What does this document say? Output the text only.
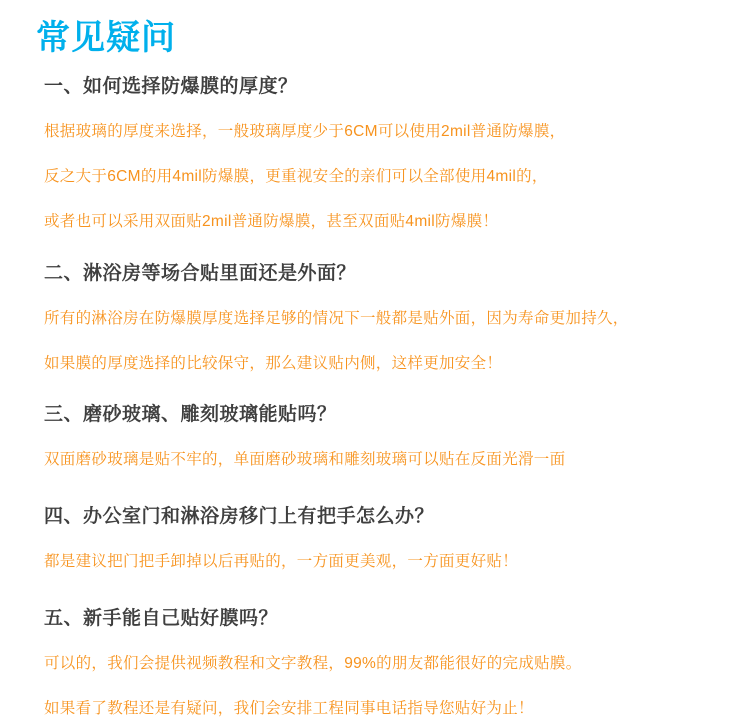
常见疑问

一、如何选择防爆膜的厚度？

根据玻璃的厚度来选择，一般玻璃厚度少于6CM可以使用2mil普通防爆膜，

反之大于6CM的用4mil防爆膜，更重视安全的亲们可以全部使用4mil的，

或者也可以采用双面贴2mil普通防爆膜，甚至双面贴4mil防爆膜！

二、淋浴房等场合贴里面还是外面？

所有的淋浴房在防爆膜厚度选择足够的情况下一般都是贴外面，因为寿命更加持久，

如果膜的厚度选择的比较保守，那么建议贴内侧，这样更加安全！

三、磨砂玻璃、雕刻玻璃能贴吗？

双面磨砂玻璃是贴不牢的，单面磨砂玻璃和雕刻玻璃可以贴在反面光滑一面

四、办公室门和淋浴房移门上有把手怎么办？

都是建议把门把手卸掉以后再贴的，一方面更美观，一方面更好贴！

五、新手能自己贴好膜吗？

可以的，我们会提供视频教程和文字教程，99%的朋友都能很好的完成贴膜。

如果看了教程还是有疑问，我们会安排工程同事电话指导您贴好为止！
